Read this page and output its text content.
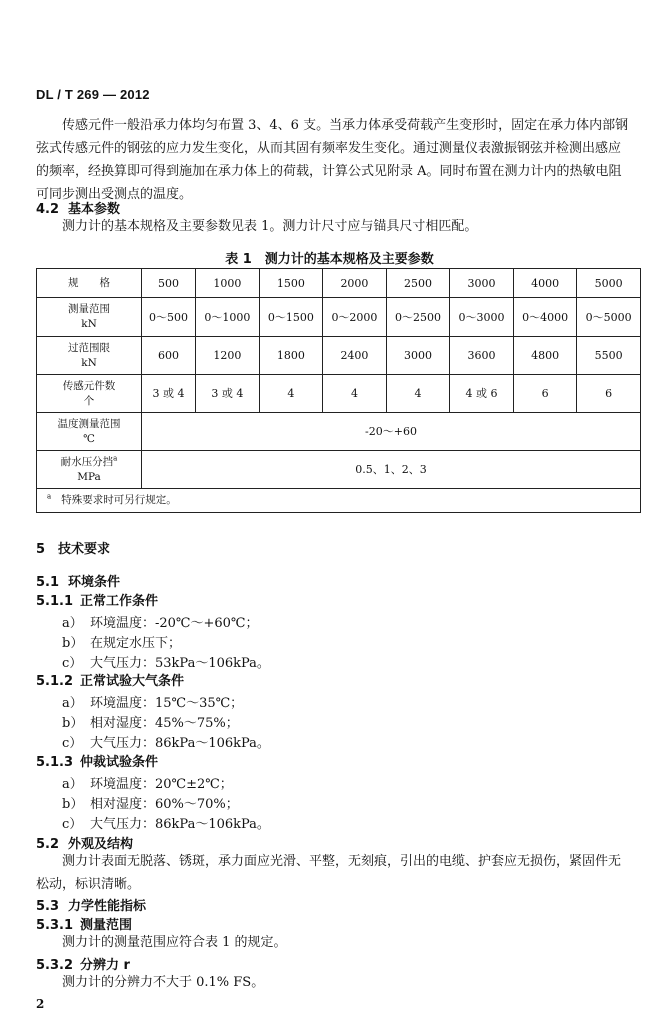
DL / T 269 — 2012

传感元件一般沿承力体均匀布置 3、4、6 支。当承力体承受荷载产生变形时，固定在承力体内部钢弦式传感元件的钢弦的应力发生变化，从而其固有频率发生变化。通过测量仪表激振钢弦并检测出感应的频率，经换算即可得到施加在承力体上的荷载，计算公式见附录 A。同时布置在测力计内的热敏电阻可同步测出受测点的温度。

4.2 基本参数

测力计的基本规格及主要参数见表 1。测力计尺寸应与锚具尺寸相匹配。

表 1　测力计的基本规格及主要参数
规　　格	500	1000	1500	2000	2500	3000	4000	5000
测量范围
kN	0～500	0～1000	0～1500	0～2000	0～2500	0～3000	0～4000	0～5000
过范围限
kN	600	1200	1800	2400	3000	3600	4800	5500
传感元件数
个	3 或 4	3 或 4	4	4	4	4 或 6	6	6
温度测量范围
℃	-20～+60							
耐水压分挡$^a$
MPa	0.5、1、2、3							
$^a$ 特殊要求时可另行规定。								
5 技术要求
5.1 环境条件
5.1.1 正常工作条件
a） 环境温度：-20℃～+60℃；
b） 在规定水压下；
c） 大气压力：53kPa～106kPa。
5.1.2 正常试验大气条件
a） 环境温度：15℃～35℃；
b） 相对湿度：45%～75%；
c） 大气压力：86kPa～106kPa。
5.1.3 仲裁试验条件
a） 环境温度：20℃±2℃；
b） 相对湿度：60%～70%；
c） 大气压力：86kPa～106kPa。
5.2 外观及结构

测力计表面无脱落、锈斑，承力面应光滑、平整，无刻痕，引出的电缆、护套应无损伤，紧固件无松动，标识清晰。

5.3 力学性能指标
5.3.1 测量范围

测力计的测量范围应符合表 1 的规定。

5.3.2 分辨力 r

测力计的分辨力不大于 0.1% FS。

2
